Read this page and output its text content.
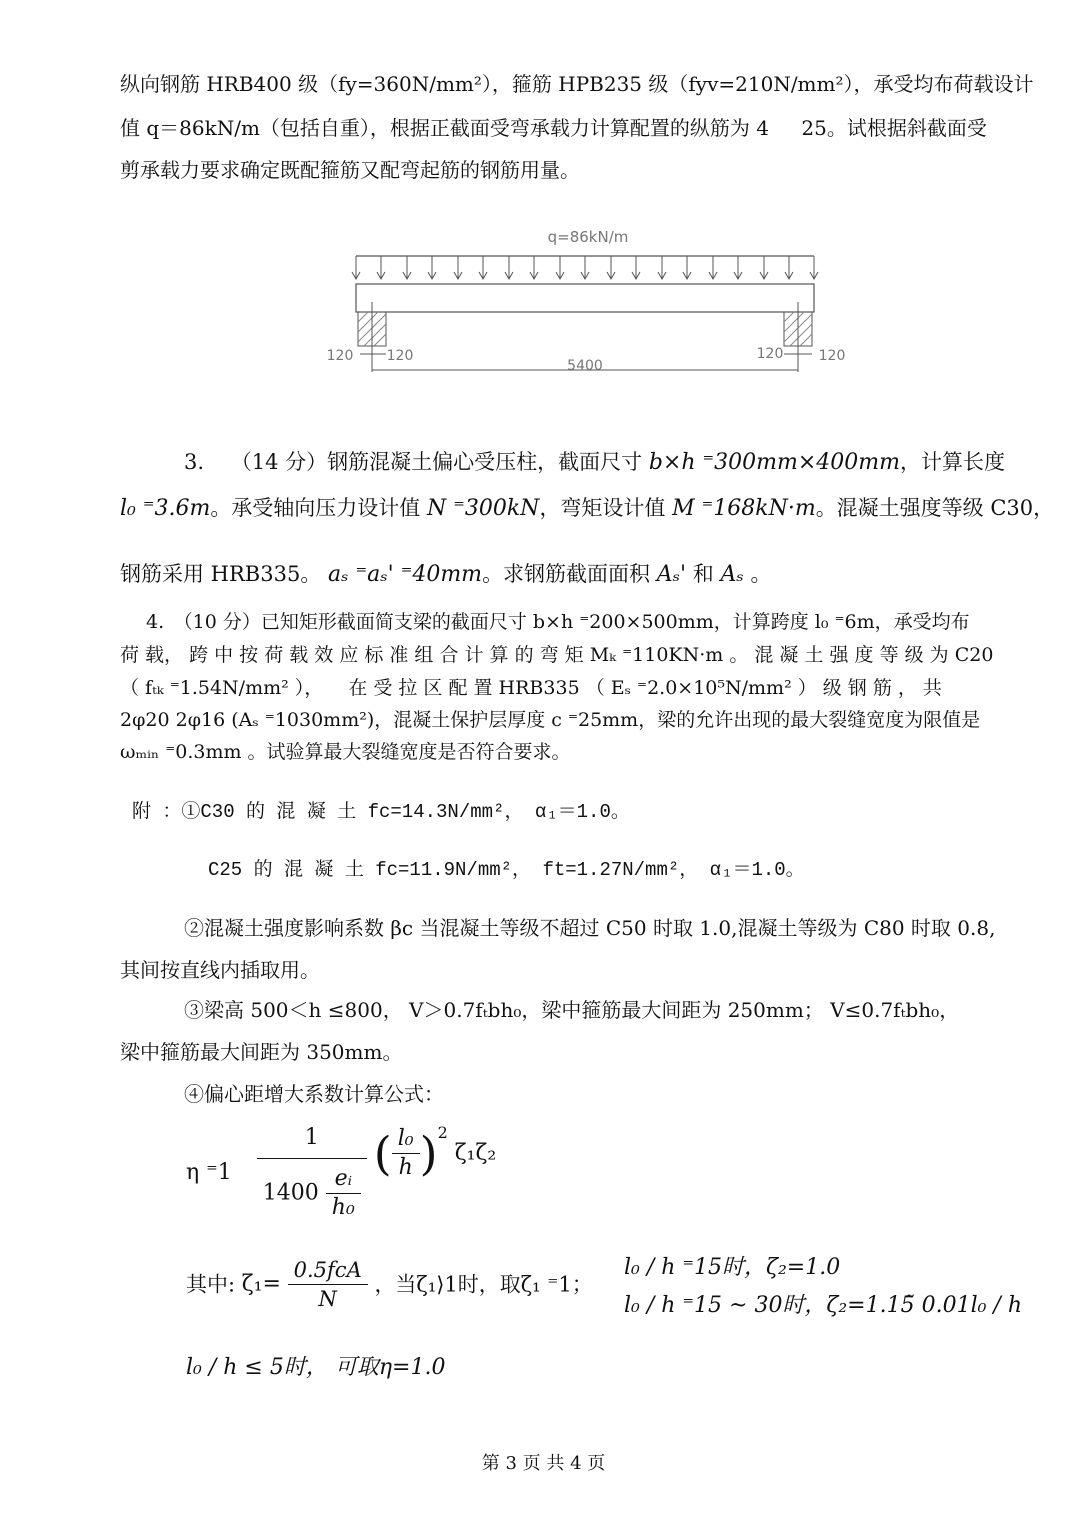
纵向钢筋 HRB400 级（fy=360N/mm²），箍筋 HPB235 级（fyv=210N/mm²），承受均布荷载设计
值 q＝86kN/m（包括自重），根据正截面受弯承载力计算配置的纵筋为 4 25。试根据斜截面受
剪承载力要求确定既配箍筋又配弯起筋的钢筋用量。
q=86kN/m
120 120	120	120
5400
3. （14 分）钢筋混凝土偏心受压柱，截面尺寸 b×h ⁼300mm×400mm，计算长度
l₀ ⁼3.6m。承受轴向压力设计值 N ⁼300kN，弯矩设计值 M ⁼168kN·m。混凝土强度等级 C30，
钢筋采用 HRB335。 aₛ ⁼aₛ' ⁼40mm。求钢筋截面面积 Aₛ' 和 Aₛ 。
4.　（10 分）已知矩形截面简支梁的截面尺寸 b×h ⁼200×500mm，计算跨度 l₀ ⁼6m，承受均布
荷 载， 跨 中 按 荷 载 效 应 标 准 组 合 计 算 的 弯 矩 Mₖ ⁼110KN·m 。 混 凝 土 强 度 等 级 为 C20
（ fₜₖ ⁼1.54N/mm² ）， 　在 受 拉 区 配 置 HRB335 （ Eₛ ⁼2.0×10⁵N/mm² ） 级 钢 筋 ， 共
2φ20 2φ16 (Aₛ ⁼1030mm²)，混凝土保护层厚度 c ⁼25mm，梁的允许出现的最大裂缝宽度为限值是
ωₘᵢₙ ⁼0.3mm 。试验算最大裂缝宽度是否符合要求。
附 ：①C30 的 混 凝 土 fc=14.3N/mm²， α₁＝1.0。
C25 的 混 凝 土 fc=11.9N/mm²， ft=1.27N/mm²， α₁＝1.0。
②混凝土强度影响系数 βc 当混凝土等级不超过 C50 时取 1.0,混凝土等级为 C80 时取 0.8,
其间按直线内插取用。
③梁高 500＜h ≤800， V＞0.7fₜbh₀，梁中箍筋最大间距为 250mm； V≤0.7fₜbh₀，
梁中箍筋最大间距为 350mm。
④偏心距增大系数计算公式：
η $^=1 \frac{1}{1400 \frac{\text{eᵢ}}{\text{h₀}}}$ ( $\frac{\text{l₀}}{h} )^2$ ζ₁ζ₂
其中: $\zeta_1= \frac{\text{0.5fcA}}{N}$ ，当ζ₁⟩1时，取ζ₁ ⁼1；
l₀ / h ⁼15时，ζ₂=1.0
l₀ / h ⁼15 ~ 30时，ζ₂=1.15̃ 0.01l₀ / h
l₀ / h ≤ 5时， 可取η=1.0
第 3 页 共 4 页
